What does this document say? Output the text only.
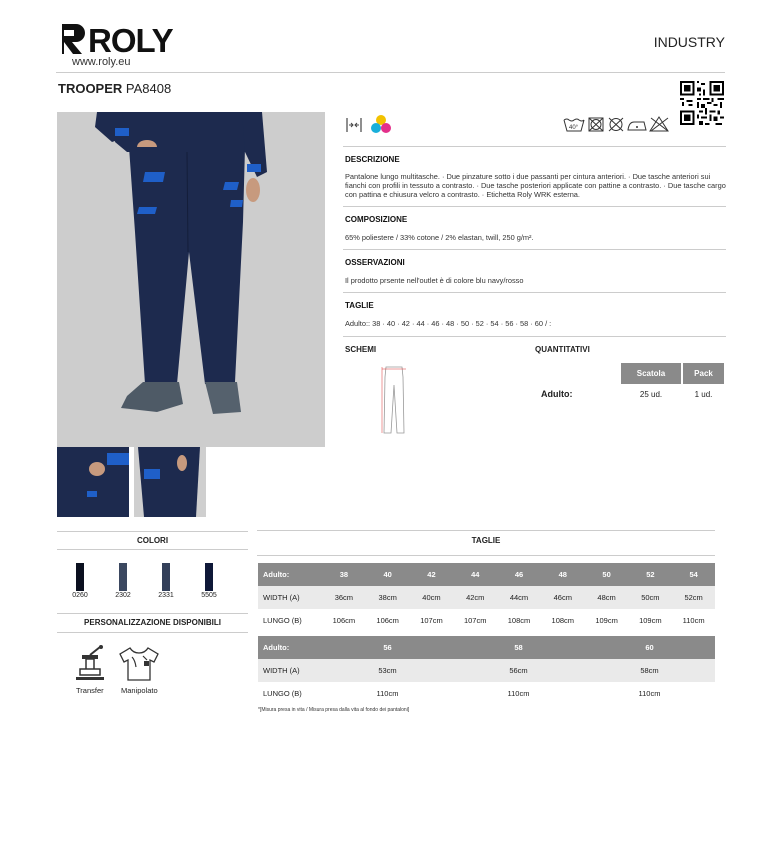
ROLY
www.roly.eu
INDUSTRY
TROOPER PA8408
40°
DESCRIZIONE
Pantalone lungo multitasche. · Due pinzature sotto i due passanti per cintura anteriori. · Due tasche anteriori sui fianchi con profili in tessuto a contrasto. · Due tasche posteriori applicate con pattine a contrasto. · Due tasche cargo con pattina e chiusura velcro a contrasto. · Etichetta Roly WRK esterna.
COMPOSIZIONE
65% poliestere / 33% cotone / 2% elastan, twill, 250 g/m².
OSSERVAZIONI
Il prodotto prsente nell'outlet è di colore blu navy/rosso
TAGLIE
Adulto:: 38 · 40 · 42 · 44 · 46 · 48 · 50 · 52 · 54 · 56 · 58 · 60 / :
SCHEMI	QUANTITATIVI
Scatola	Pack
Adulto:	25 ud.	1 ud.
COLORI
0260	2302	2331	5505
PERSONALIZZAZIONE DISPONIBILI
Transfer Manipolato
TAGLIE
Adulto:	38	40	42	44	46	48	50	52	54
WIDTH (A)	36cm	38cm	40cm	42cm	44cm	46cm	48cm	50cm	52cm
LUNGO (B)	106cm	106cm	107cm	107cm	108cm	108cm	109cm	109cm	110cm
Adulto:	56	58	60
WIDTH (A)	53cm	56cm	58cm
LUNGO (B)	110cm	110cm	110cm
*[Misura presa in vita / Misura presa dalla vita al fondo dei pantaloni]
